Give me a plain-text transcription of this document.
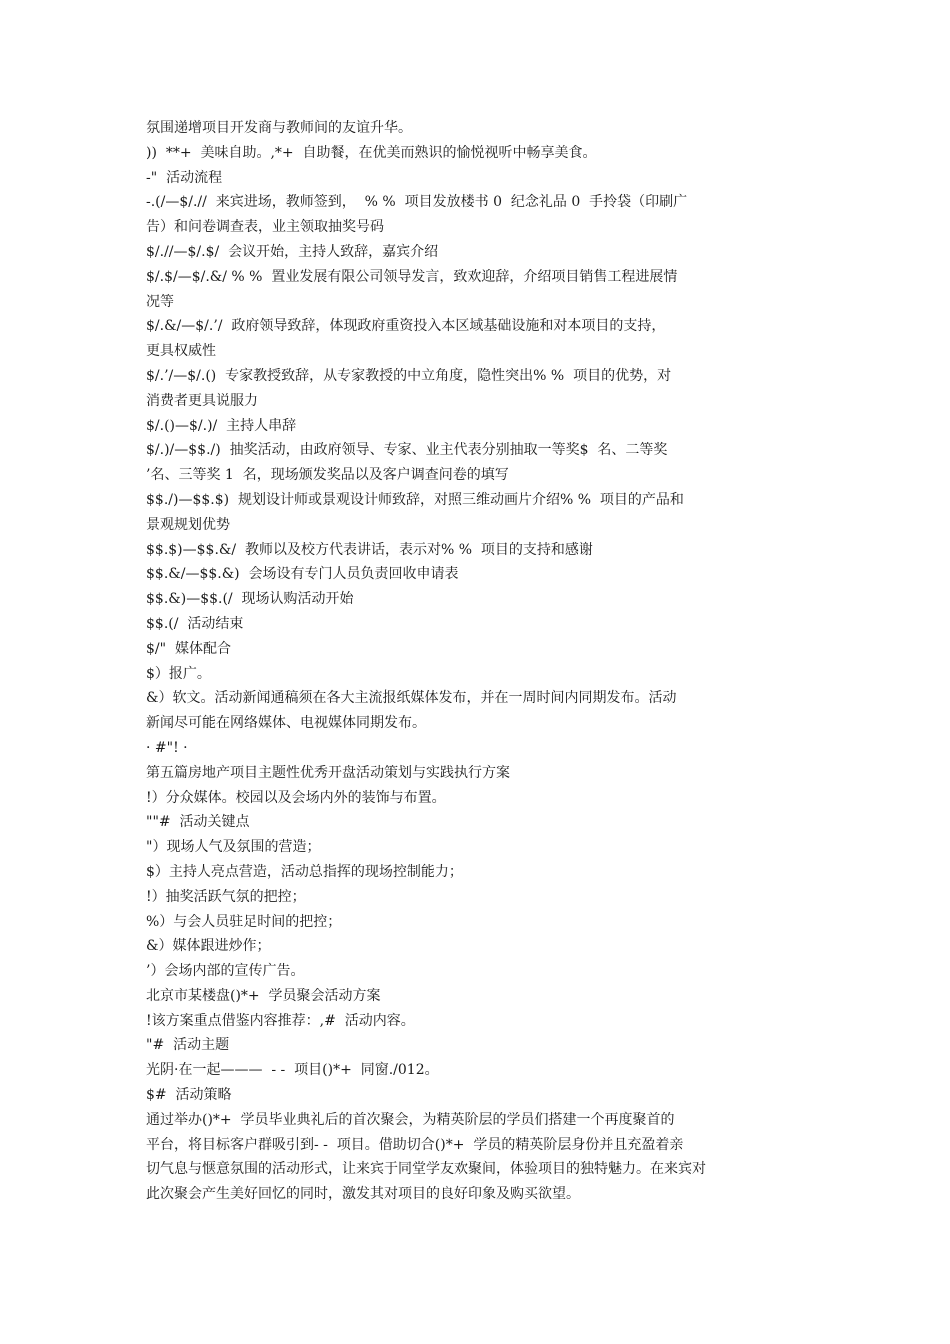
氛围递增项目开发商与教师间的友谊升华。
))  **+  美味自助。,*+  自助餐，在优美而熟识的愉悦视听中畅享美食。
-"  活动流程
-.(/—$/.//  来宾进场，教师签到，  % %  项目发放楼书 0  纪念礼品 0  手拎袋（印刷广
告）和问卷调查表，业主领取抽奖号码
$/.//—$/.$/  会议开始，主持人致辞，嘉宾介绍
$/.$/—$/.&/ % %  置业发展有限公司领导发言，致欢迎辞，介绍项目销售工程进展情
况等
$/.&/—$/.’/  政府领导致辞，体现政府重资投入本区域基础设施和对本项目的支持，
更具权威性
$/.’/—$/.()  专家教授致辞，从专家教授的中立角度，隐性突出% %  项目的优势，对
消费者更具说服力
$/.()—$/.)/  主持人串辞
$/.)/—$$./)  抽奖活动，由政府领导、专家、业主代表分别抽取一等奖$  名、二等奖
’名、三等奖 1  名，现场颁发奖品以及客户调查问卷的填写
$$./)—$$.$)  规划设计师或景观设计师致辞，对照三维动画片介绍% %  项目的产品和
景观规划优势
$$.$)—$$.&/  教师以及校方代表讲话，表示对% %  项目的支持和感谢
$$.&/—$$.&)  会场设有专门人员负责回收申请表
$$.&)—$$.(/  现场认购活动开始
$$.(/  活动结束
$/"  媒体配合
$）报广。
&）软文。活动新闻通稿须在各大主流报纸媒体发布，并在一周时间内同期发布。活动
新闻尽可能在网络媒体、电视媒体同期发布。
· #"! ·
第五篇房地产项目主题性优秀开盘活动策划与实践执行方案
!）分众媒体。校园以及会场内外的装饰与布置。
""#  活动关键点
"）现场人气及氛围的营造；
$）主持人亮点营造，活动总指挥的现场控制能力；
!）抽奖活跃气氛的把控；
%）与会人员驻足时间的把控；
&）媒体跟进炒作；
’）会场内部的宣传广告。
北京市某楼盘()*+  学员聚会活动方案
!该方案重点借鉴内容推荐：,#  活动内容。
"#  活动主题
光阴·在一起———  - -  项目()*+  同窗./012。
$#  活动策略
通过举办()*+  学员毕业典礼后的首次聚会，为精英阶层的学员们搭建一个再度聚首的
平台，将目标客户群吸引到- -  项目。借助切合()*+  学员的精英阶层身份并且充盈着亲
切气息与惬意氛围的活动形式，让来宾于同堂学友欢聚间，体验项目的独特魅力。在来宾对
此次聚会产生美好回忆的同时，激发其对项目的良好印象及购买欲望。
